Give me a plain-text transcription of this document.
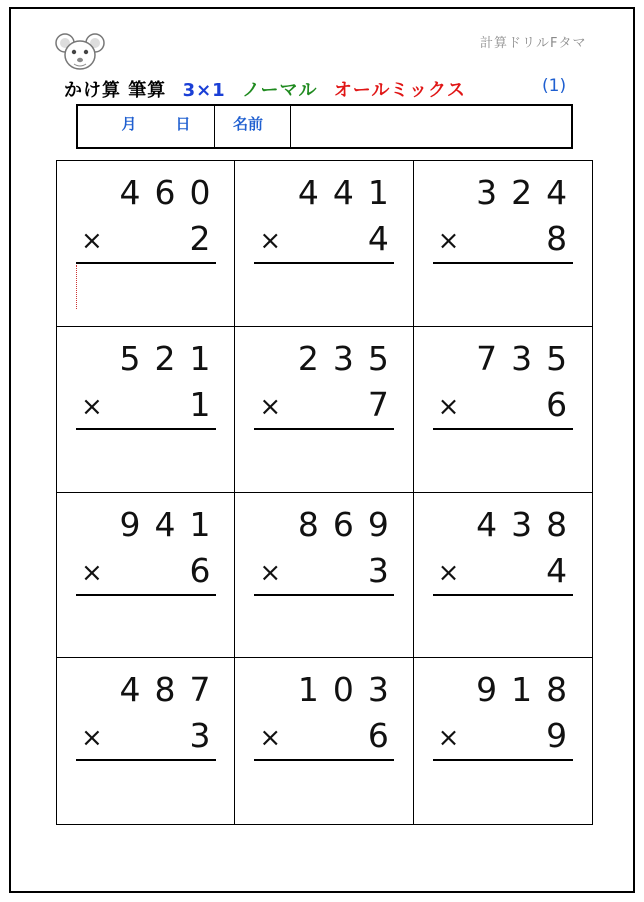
計算ドリルFタマ
かけ算 筆算 3×1 ノーマル オールミックス	(1)
月	日	名前
4 6 0
×	2
4 4 1
×	4
3 2 4
×	8
5 2 1
×	1
2 3 5
×	7
7 3 5
×	6
9 4 1
×	6
8 6 9
×	3
4 3 8
×	4
4 8 7
×	3
1 0 3
×	6
9 1 8
×	9
